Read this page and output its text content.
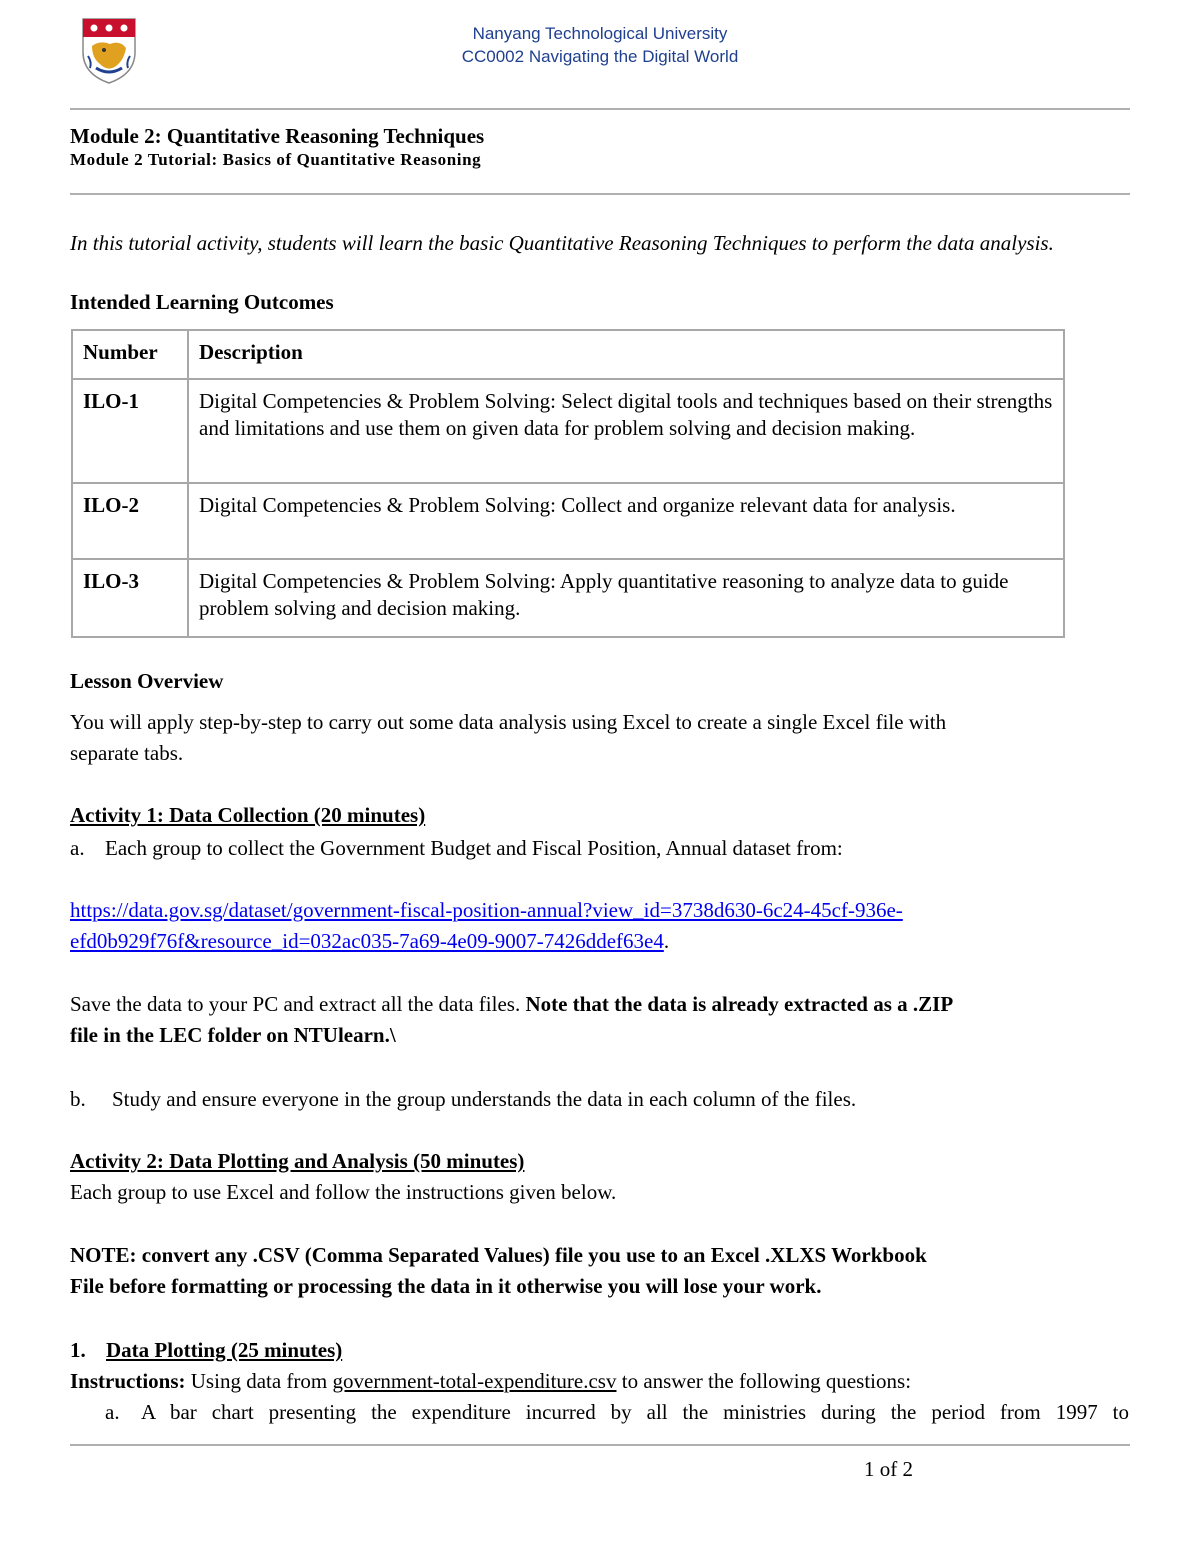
Nanyang Technological University
CC0002 Navigating the Digital World
Module 2: Quantitative Reasoning Techniques
Module 2 Tutorial: Basics of Quantitative Reasoning
In this tutorial activity, students will learn the basic Quantitative Reasoning Techniques to perform the data analysis.
Intended Learning Outcomes
Number	Description
ILO-1	Digital Competencies & Problem Solving: Select digital tools and techniques based on their strengths and limitations and use them on given data for problem solving and decision making.
ILO-2	Digital Competencies & Problem Solving: Collect and organize relevant data for analysis.
ILO-3	Digital Competencies & Problem Solving: Apply quantitative reasoning to analyze data to guide problem solving and decision making.
Lesson Overview
You will apply step-by-step to carry out some data analysis using Excel to create a single Excel file with
separate tabs.
Activity 1: Data Collection (20 minutes)
a. Each group to collect the Government Budget and Fiscal Position, Annual dataset from:
https://data.gov.sg/dataset/government-fiscal-position-annual?view_id=3738d630-6c24-45cf-936e-
efd0b929f76f&resource_id=032ac035-7a69-4e09-9007-7426ddef63e4.
Save the data to your PC and extract all the data files. Note that the data is already extracted as a .ZIP
file in the LEC folder on NTUlearn.\
b. Study and ensure everyone in the group understands the data in each column of the files.
Activity 2: Data Plotting and Analysis (50 minutes)
Each group to use Excel and follow the instructions given below.
NOTE: convert any .CSV (Comma Separated Values) file you use to an Excel .XLXS Workbook
File before formatting or processing the data in it otherwise you will lose your work.
1. Data Plotting (25 minutes)
Instructions: Using data from government-total-expenditure.csv to answer the following questions:
a. A bar chart presenting the expenditure incurred by all the ministries during the period from 1997 to
1 of 2
